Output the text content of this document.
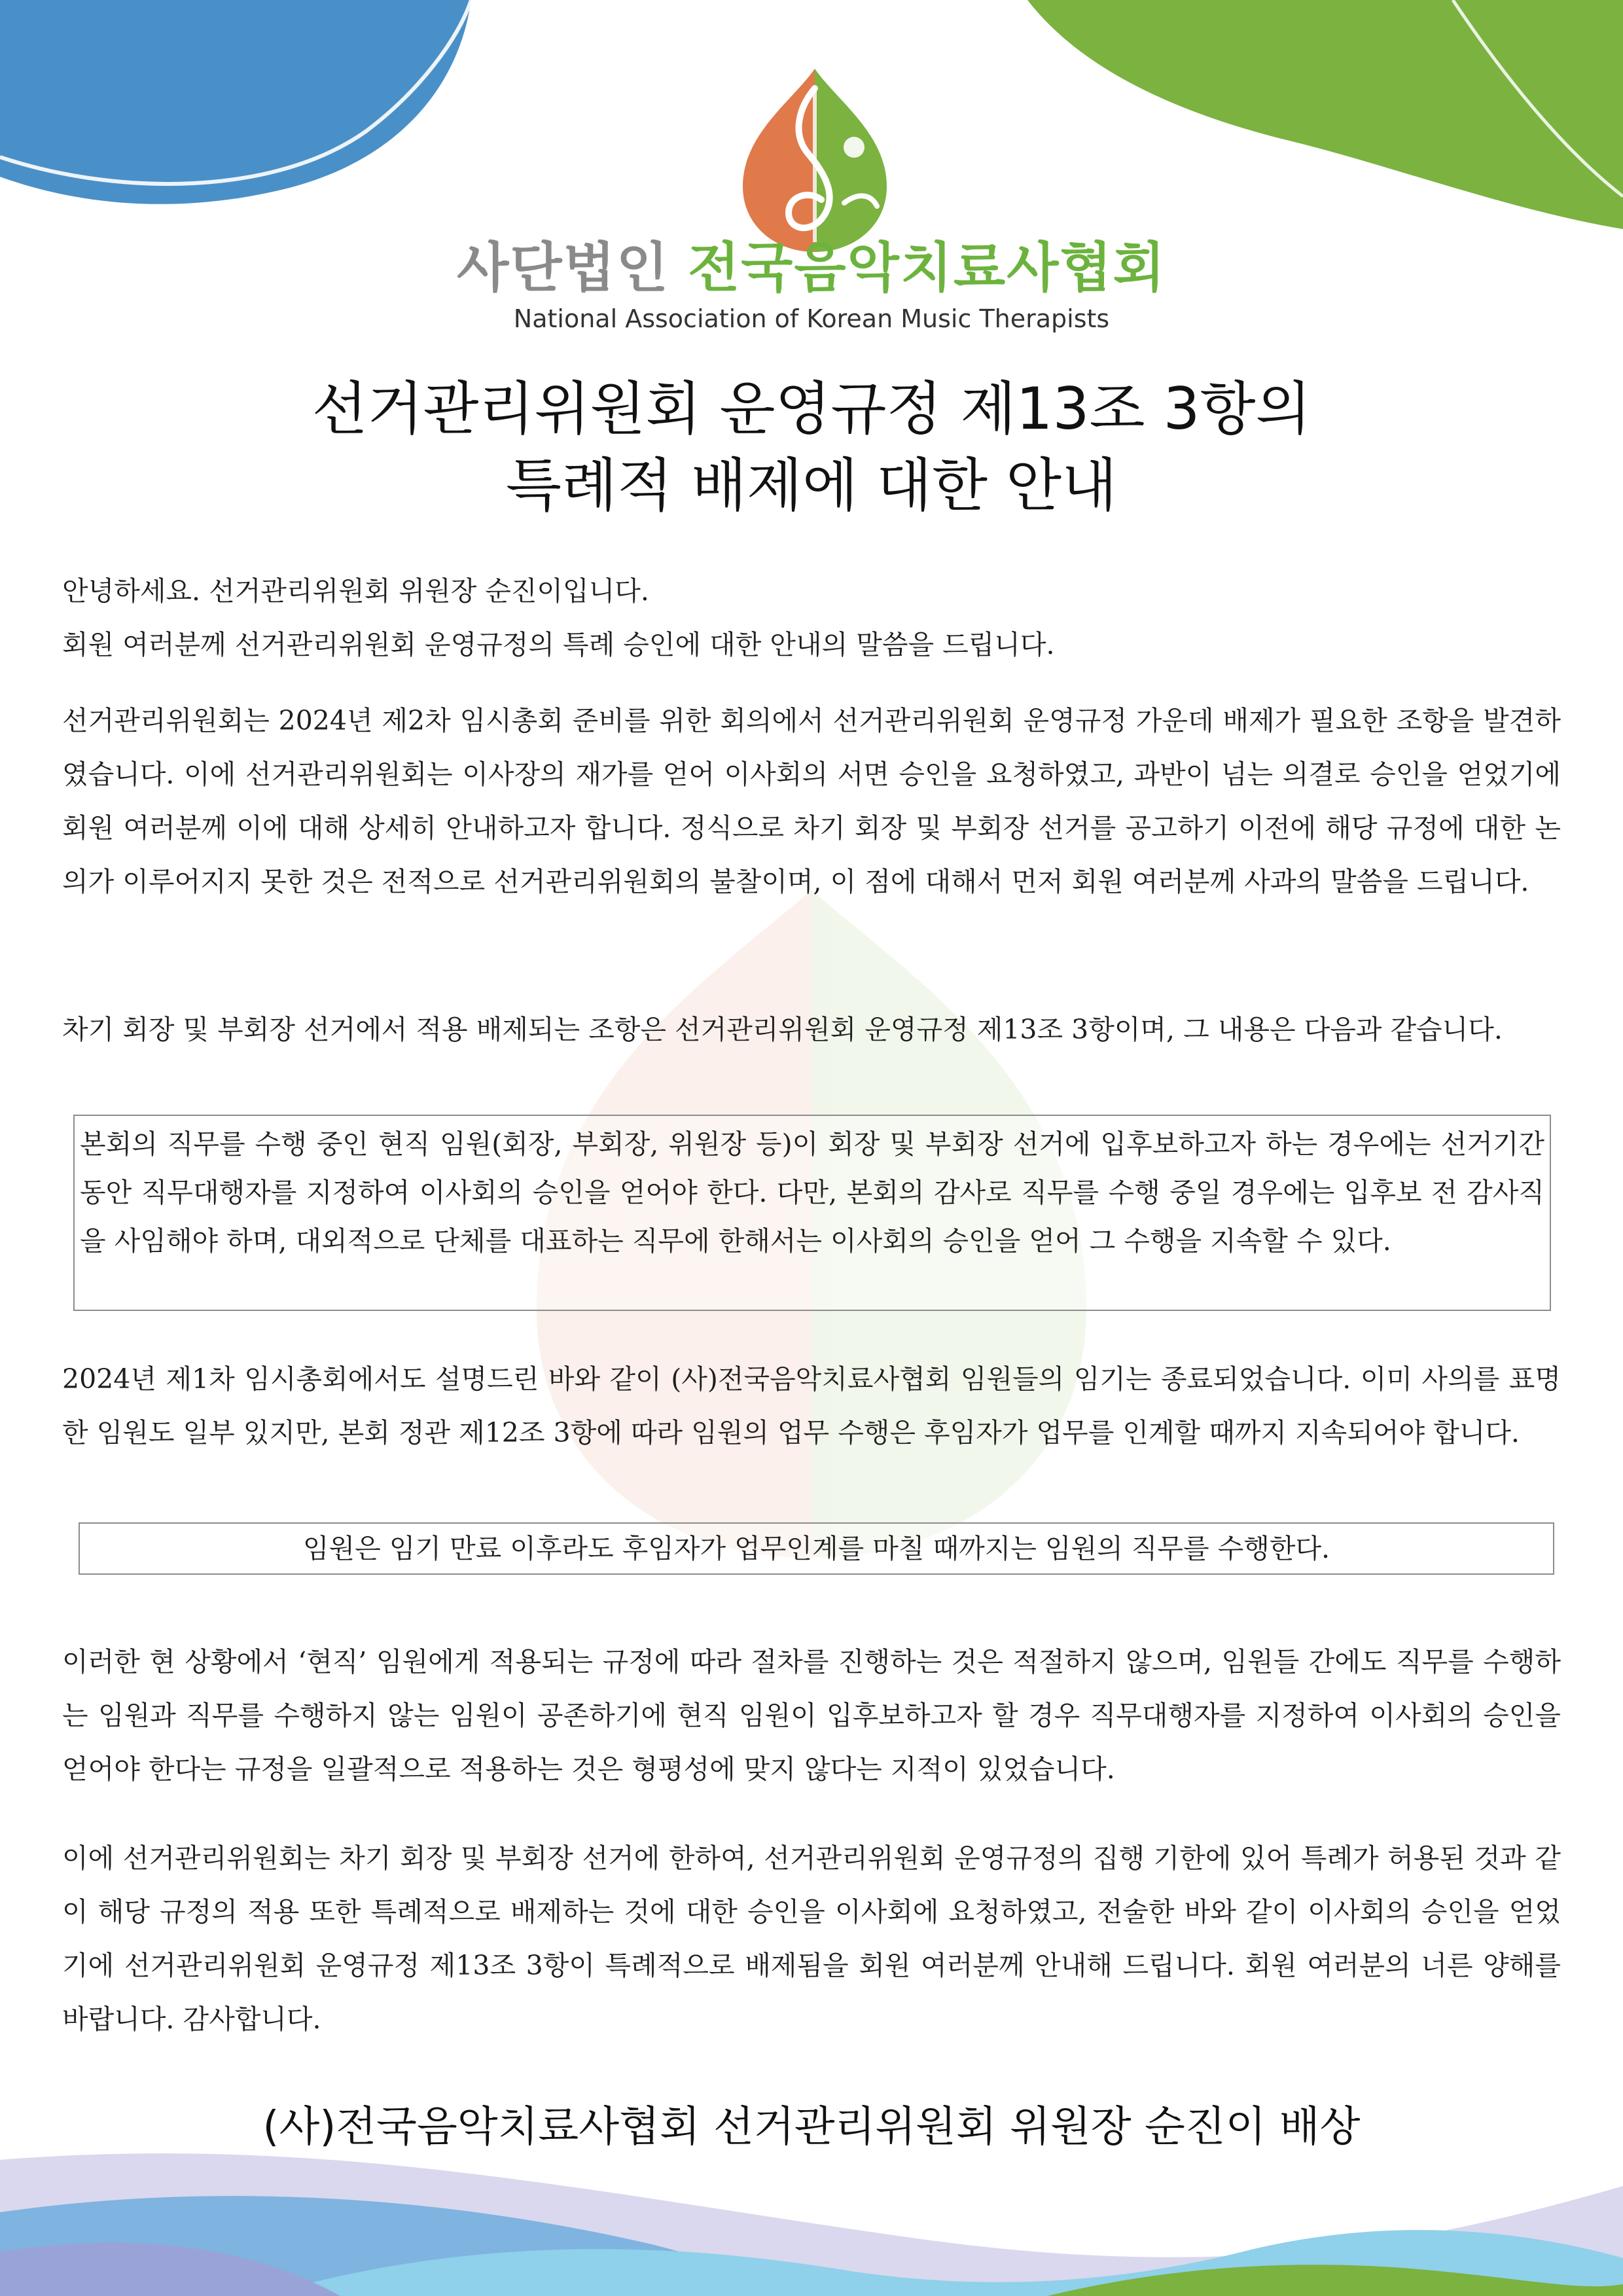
사단법인 전국음악치료사협회
National Association of Korean Music Therapists
선거관리위원회 운영규정 제13조 3항의
특례적 배제에 대한 안내
안녕하세요. 선거관리위원회 위원장 순진이입니다.
회원 여러분께 선거관리위원회 운영규정의 특례 승인에 대한 안내의 말씀을 드립니다.

선거관리위원회는 2024년 제2차 임시총회 준비를 위한 회의에서 선거관리위원회 운영규정 가운데 배제가 필요한 조항을 발견하였습니다. 이에 선거관리위원회는 이사장의 재가를 얻어 이사회의 서면 승인을 요청하였고, 과반이 넘는 의결로 승인을 얻었기에 회원 여러분께 이에 대해 상세히 안내하고자 합니다. 정식으로 차기 회장 및 부회장 선거를 공고하기 이전에 해당 규정에 대한 논의가 이루어지지 못한 것은 전적으로 선거관리위원회의 불찰이며, 이 점에 대해서 먼저 회원 여러분께 사과의 말씀을 드립니다.

차기 회장 및 부회장 선거에서 적용 배제되는 조항은 선거관리위원회 운영규정 제13조 3항이며, 그 내용은 다음과 같습니다.

본회의 직무를 수행 중인 현직 임원(회장, 부회장, 위원장 등)이 회장 및 부회장 선거에 입후보하고자 하는 경우에는 선거기간 동안 직무대행자를 지정하여 이사회의 승인을 얻어야 한다. 다만, 본회의 감사로 직무를 수행 중일 경우에는 입후보 전 감사직을 사임해야 하며, 대외적으로 단체를 대표하는 직무에 한해서는 이사회의 승인을 얻어 그 수행을 지속할 수 있다.

2024년 제1차 임시총회에서도 설명드린 바와 같이 (사)전국음악치료사협회 임원들의 임기는 종료되었습니다. 이미 사의를 표명한 임원도 일부 있지만, 본회 정관 제12조 3항에 따라 임원의 업무 수행은 후임자가 업무를 인계할 때까지 지속되어야 합니다.

임원은 임기 만료 이후라도 후임자가 업무인계를 마칠 때까지는 임원의 직무를 수행한다.

이러한 현 상황에서 ‘현직’ 임원에게 적용되는 규정에 따라 절차를 진행하는 것은 적절하지 않으며, 임원들 간에도 직무를 수행하는 임원과 직무를 수행하지 않는 임원이 공존하기에 현직 임원이 입후보하고자 할 경우 직무대행자를 지정하여 이사회의 승인을 얻어야 한다는 규정을 일괄적으로 적용하는 것은 형평성에 맞지 않다는 지적이 있었습니다.

이에 선거관리위원회는 차기 회장 및 부회장 선거에 한하여, 선거관리위원회 운영규정의 집행 기한에 있어 특례가 허용된 것과 같이 해당 규정의 적용 또한 특례적으로 배제하는 것에 대한 승인을 이사회에 요청하였고, 전술한 바와 같이 이사회의 승인을 얻었기에 선거관리위원회 운영규정 제13조 3항이 특례적으로 배제됨을 회원 여러분께 안내해 드립니다. 회원 여러분의 너른 양해를 바랍니다. 감사합니다.

(사)전국음악치료사협회 선거관리위원회 위원장 순진이 배상
